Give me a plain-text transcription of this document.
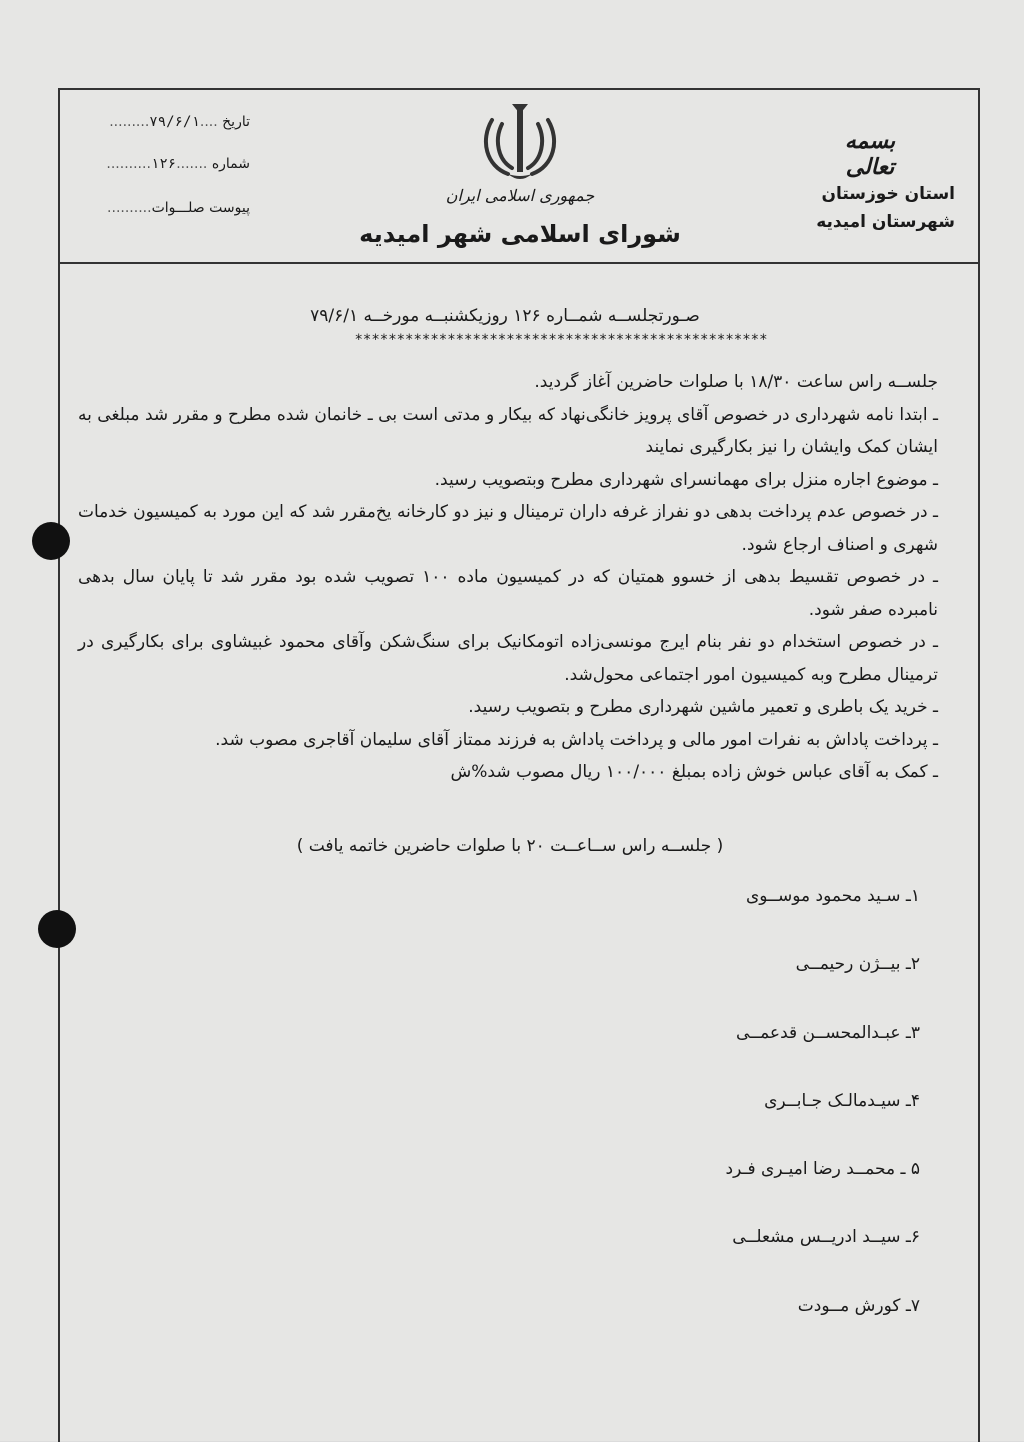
تاریخ ....۷۹/۶/۱.........
شماره .......۱۲۶..........
پیوست صلـــوات..........
جمهوری اسلامی ایران
شورای اسلامی شهر امیدیه
بسمه تعالی
استان خوزستان
شهرستان امیدیه
صـورتجلســه شمــاره ۱۲۶ روزیکشنبــه مورخــه ۷۹/۶/۱
*************************************************

جلســه راس ساعت ۱۸/۳۰ با صلوات حاضرین آغاز گردید.

ـ ابتدا نامه شهرداری در خصوص آقای پرویز خانگی‌نهاد که بیکار و مدتی است بی ـ خانمان شده مطرح و مقرر شد مبلغی به ایشان کمک وایشان را نیز بکارگیری نمایند

ـ موضوع اجاره منزل برای مهمانسرای شهرداری مطرح وبتصویب رسید.

ـ در خصوص عدم پرداخت بدهی دو نفراز غرفه داران ترمینال و نیز دو کارخانه یخ‌مقرر شد که این مورد به کمیسیون خدمات شهری و اصناف ارجاع شود.

ـ در خصوص تقسیط بدهی از خسوو همتیان که در کمیسیون ماده ۱۰۰ تصویب شده بود مقرر شد تا پایان سال بدهی نامبرده صفر شود.

ـ در خصوص استخدام دو نفر بنام ایرج مونسی‌زاده اتومکانیک برای سنگ‌شکن وآقای محمود غبیشاوی برای بکارگیری در ترمینال مطرح وبه کمیسیون امور اجتماعی محول‌شد.

ـ خرید یک باطری و تعمیر ماشین شهرداری مطرح و بتصویب رسید.

ـ پرداخت پاداش به نفرات امور مالی و پرداخت پاداش به فرزند ممتاز آقای سلیمان آقاجری مصوب شد.

ـ کمک به آقای عباس خوش زاده بمبلغ ۱۰۰/۰۰۰ ریال مصوب شد%ش

( جلســه راس ســاعــت ۲۰ با صلوات حاضرین خاتمه یافت )
۱ـ سـید محمود موســوی
۲ـ بیــژن رحیمــی
۳ـ عبـدالمحســن قدعمــی
۴ـ سیـدمالـک جـابــری
۵ ـ محمــد رضا امیـری فـرد
۶ـ سیــد ادریــس مشعلــی
۷ـ کورش مــودت
